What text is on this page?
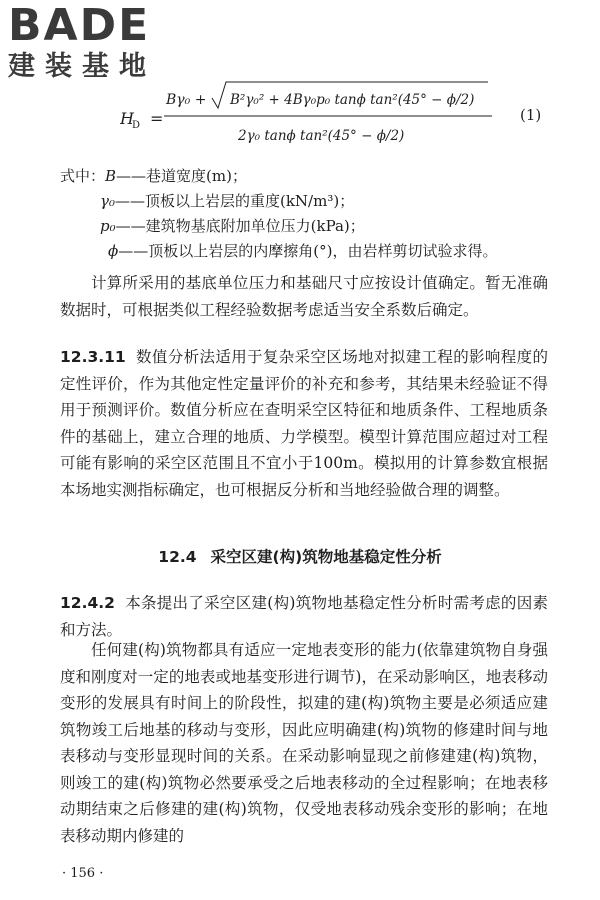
BADE
建装基地
H
D =
Bγ₀ + B²γ₀² + 4Bγ₀p₀ tanϕ tan²(45° − ϕ/2)
2γ₀ tanϕ tan²(45° − ϕ/2)
(1)
式中：B——巷道宽度(m)；
γ₀——顶板以上岩层的重度(kN/m³)；
p₀——建筑物基底附加单位压力(kPa)；
ϕ——顶板以上岩层的内摩擦角(°)，由岩样剪切试验求得。
计算所采用的基底单位压力和基础尺寸应按设计值确定。暂无准确数据时，可根据类似工程经验数据考虑适当安全系数后确定。
12.3.11 数值分析法适用于复杂采空区场地对拟建工程的影响程度的定性评价，作为其他定性定量评价的补充和参考，其结果未经验证不得用于预测评价。数值分析应在查明采空区特征和地质条件、工程地质条件的基础上，建立合理的地质、力学模型。模型计算范围应超过对工程可能有影响的采空区范围且不宜小于100m。模拟用的计算参数宜根据本场地实测指标确定，也可根据反分析和当地经验做合理的调整。
12.4 采空区建(构)筑物地基稳定性分析
12.4.2 本条提出了采空区建(构)筑物地基稳定性分析时需考虑的因素和方法。
任何建(构)筑物都具有适应一定地表变形的能力(依靠建筑物自身强度和刚度对一定的地表或地基变形进行调节)，在采动影响区，地表移动变形的发展具有时间上的阶段性，拟建的建(构)筑物主要是必须适应建筑物竣工后地基的移动与变形，因此应明确建(构)筑物的修建时间与地表移动与变形显现时间的关系。在采动影响显现之前修建建(构)筑物，则竣工的建(构)筑物必然要承受之后地表移动的全过程影响；在地表移动期结束之后修建的建(构)筑物，仅受地表移动残余变形的影响；在地表移动期内修建的
· 156 ·
